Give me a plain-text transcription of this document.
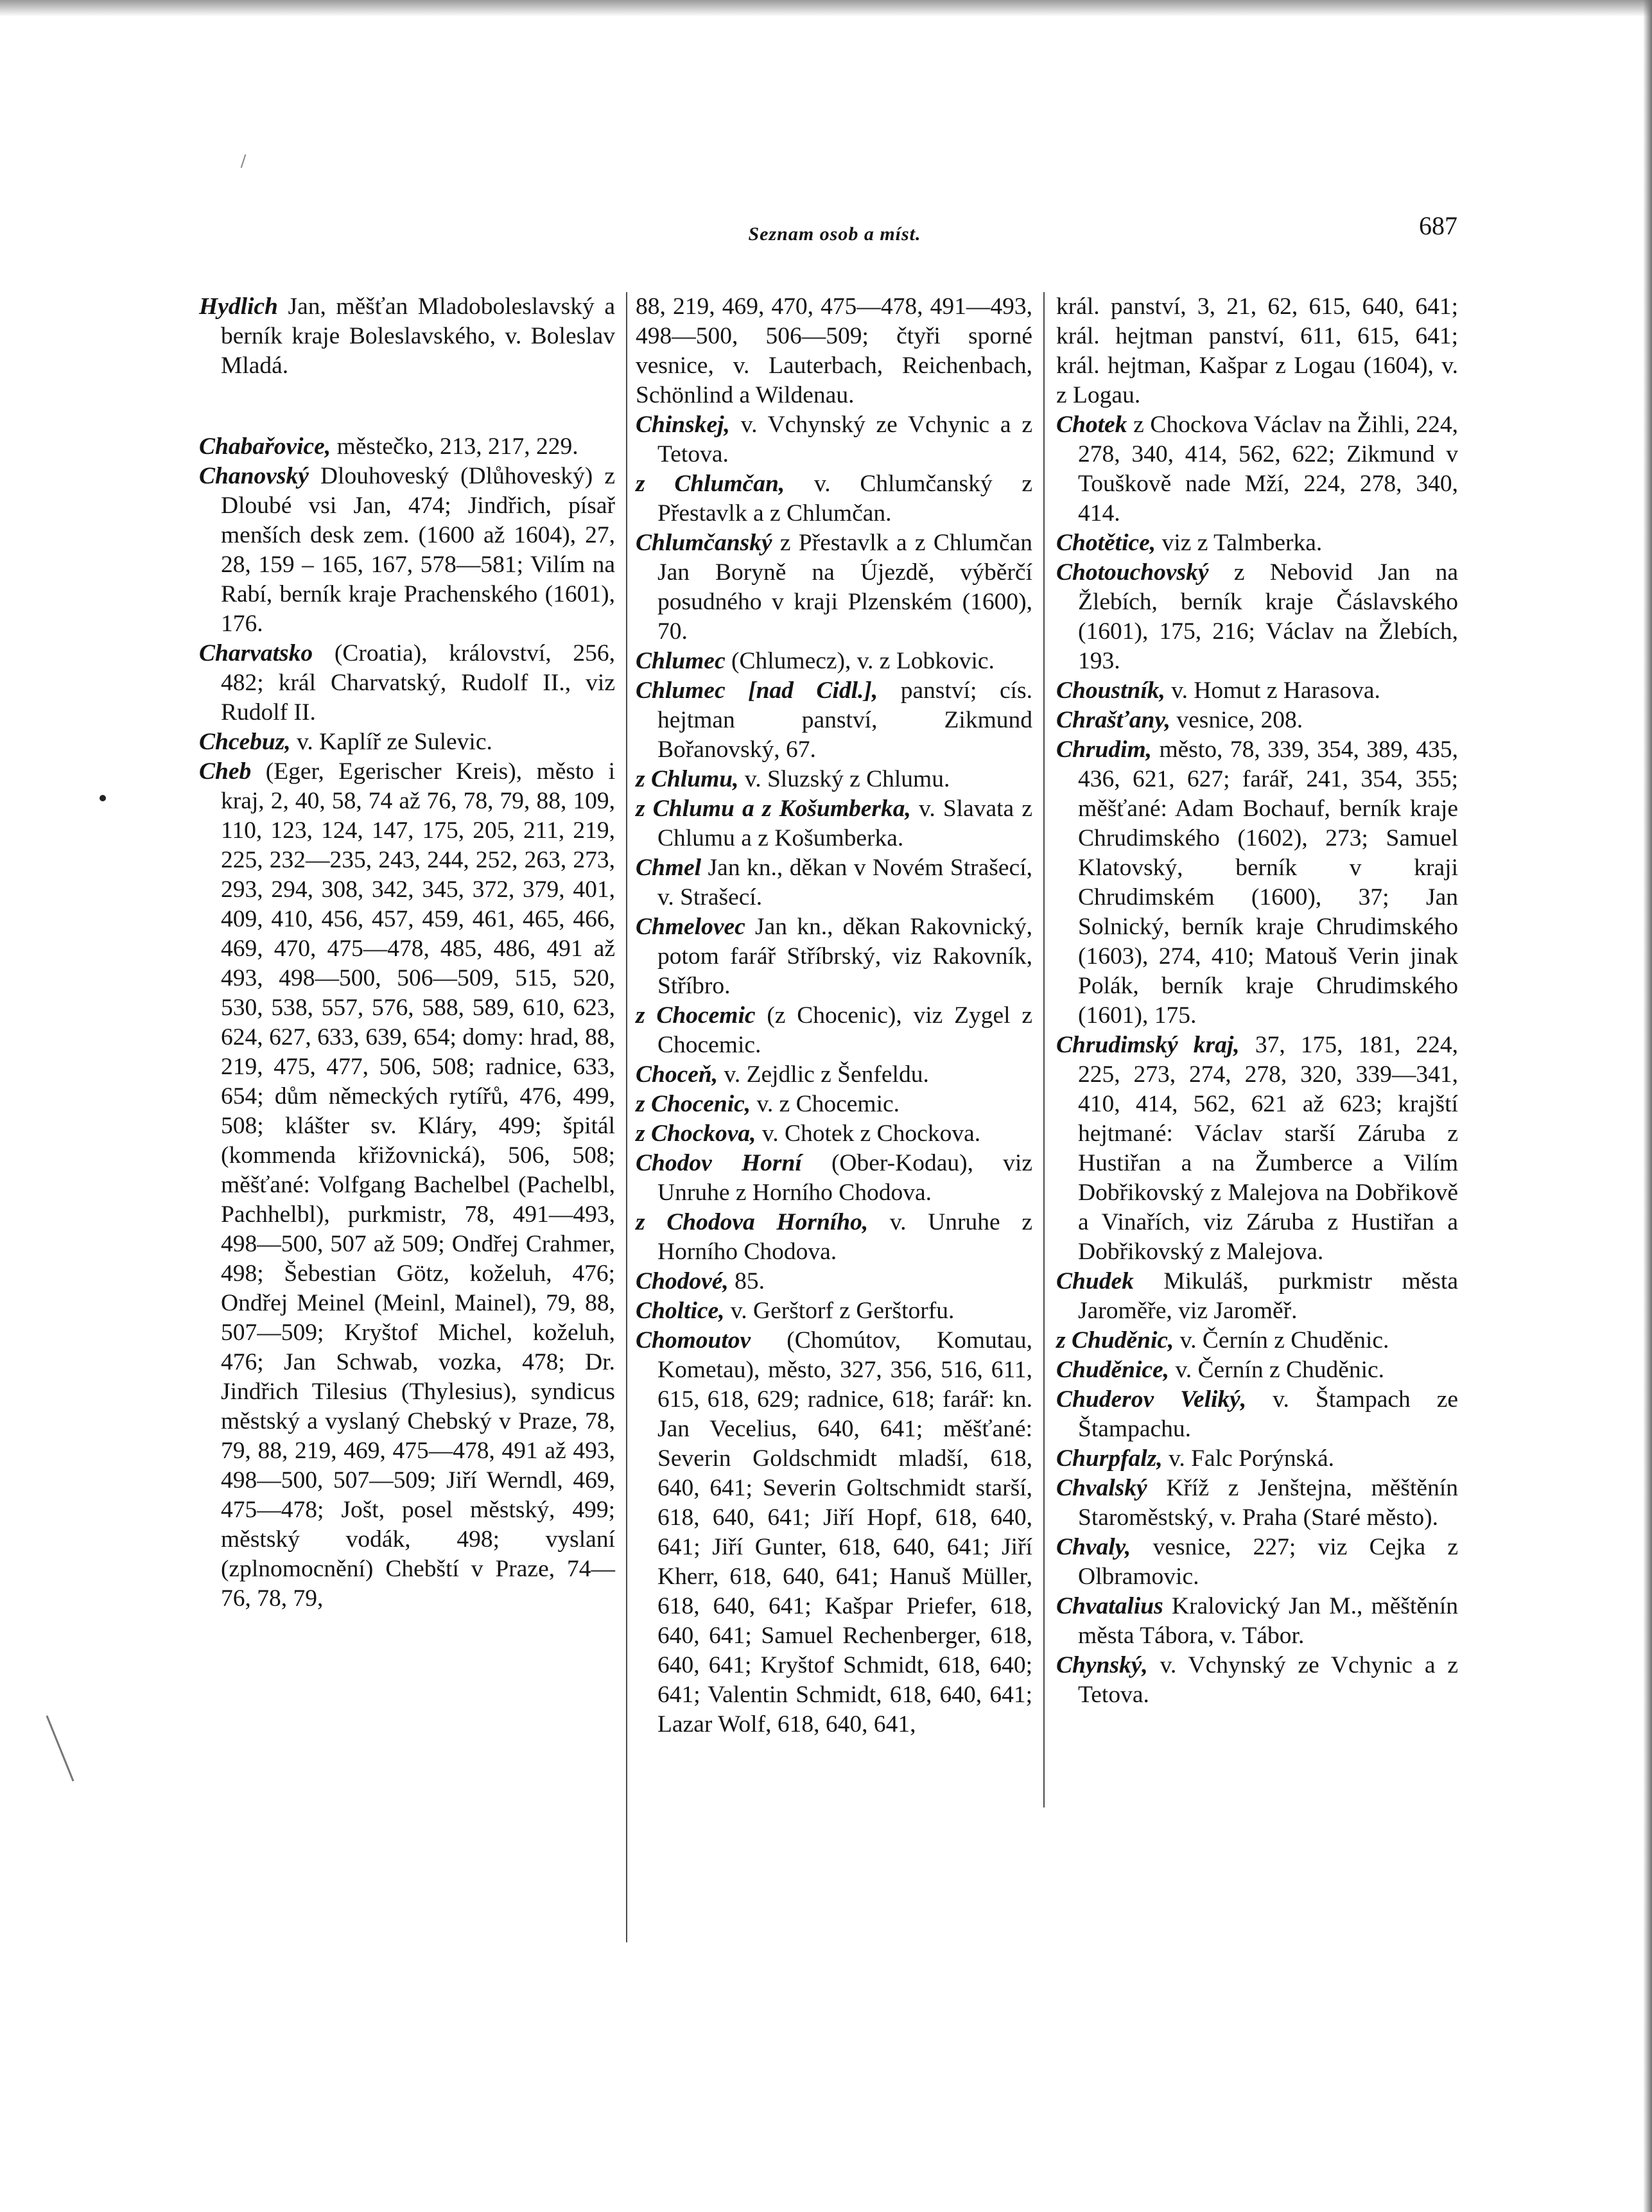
Seznam osob a míst.	687
Hydlich Jan, měšťan Mladoboleslavský a berník kraje Boleslavského, v. Boleslav Mladá.
Chabařovice, městečko, 213, 217, 229.
Chanovský Dlouhoveský (Dlůhoveský) z Dloubé vsi Jan, 474; Jindřich, písař menších desk zem. (1600 až 1604), 27, 28, 159 – 165, 167, 578—581; Vilím na Rabí, berník kraje Prachenského (1601), 176.
Charvatsko (Croatia), království, 256, 482; král Charvatský, Rudolf II., viz Rudolf II.
Chcebuz, v. Kaplíř ze Sulevic.
Cheb (Eger, Egerischer Kreis), město i kraj, 2, 40, 58, 74 až 76, 78, 79, 88, 109, 110, 123, 124, 147, 175, 205, 211, 219, 225, 232—235, 243, 244, 252, 263, 273, 293, 294, 308, 342, 345, 372, 379, 401, 409, 410, 456, 457, 459, 461, 465, 466, 469, 470, 475—478, 485, 486, 491 až 493, 498—500, 506—509, 515, 520, 530, 538, 557, 576, 588, 589, 610, 623, 624, 627, 633, 639, 654; domy: hrad, 88, 219, 475, 477, 506, 508; radnice, 633, 654; dům německých rytířů, 476, 499, 508; klášter sv. Kláry, 499; špitál (kommenda křižovnická), 506, 508; měšťané: Volfgang Bachelbel (Pachelbl, Pachhelbl), purkmistr, 78, 491—493, 498—500, 507 až 509; Ondřej Crahmer, 498; Šebestian Götz, koželuh, 476; Ondřej Meinel (Meinl, Mainel), 79, 88, 507—509; Kryštof Michel, koželuh, 476; Jan Schwab, vozka, 478; Dr. Jindřich Tilesius (Thylesius), syndicus městský a vyslaný Chebský v Praze, 78, 79, 88, 219, 469, 475—478, 491 až 493, 498—500, 507—509; Jiří Werndl, 469, 475—478; Jošt, posel městský, 499; městský vodák, 498; vyslaní (zplnomocnění) Chebští v Praze, 74—76, 78, 79,
88, 219, 469, 470, 475—478, 491—493, 498—500, 506—509; čtyři sporné vesnice, v. Lauterbach, Reichenbach, Schönlind a Wildenau.
Chinskej, v. Vchynský ze Vchynic a z Tetova.
z Chlumčan, v. Chlumčanský z Přestavlk a z Chlumčan.
Chlumčanský z Přestavlk a z Chlumčan Jan Boryně na Újezdě, výběrčí posudného v kraji Plzenském (1600), 70.
Chlumec (Chlumecz), v. z Lobkovic.
Chlumec [nad Cidl.], panství; cís. hejtman panství, Zikmund Bořanovský, 67.
z Chlumu, v. Sluzský z Chlumu.
z Chlumu a z Košumberka, v. Slavata z Chlumu a z Košumberka.
Chmel Jan kn., děkan v Novém Strašecí, v. Strašecí.
Chmelovec Jan kn., děkan Rakovnický, potom farář Stříbrský, viz Rakovník, Stříbro.
z Chocemic (z Chocenic), viz Zygel z Chocemic.
Choceň, v. Zejdlic z Šenfeldu.
z Chocenic, v. z Chocemic.
z Chockova, v. Chotek z Chockova.
Chodov Horní (Ober-Kodau), viz Unruhe z Horního Chodova.
z Chodova Horního, v. Unruhe z Horního Chodova.
Chodové, 85.
Choltice, v. Gerštorf z Gerštorfu.
Chomoutov (Chomútov, Komutau, Kometau), město, 327, 356, 516, 611, 615, 618, 629; radnice, 618; farář: kn. Jan Vecelius, 640, 641; měšťané: Severin Goldschmidt mladší, 618, 640, 641; Severin Goltschmidt starší, 618, 640, 641; Jiří Hopf, 618, 640, 641; Jiří Gunter, 618, 640, 641; Jiří Kherr, 618, 640, 641; Hanuš Müller, 618, 640, 641; Kašpar Priefer, 618, 640, 641; Samuel Rechenberger, 618, 640, 641; Kryštof Schmidt, 618, 640; 641; Valentin Schmidt, 618, 640, 641; Lazar Wolf, 618, 640, 641,
král. panství, 3, 21, 62, 615, 640, 641; král. hejtman panství, 611, 615, 641; král. hejtman, Kašpar z Logau (1604), v. z Logau.
Chotek z Chockova Václav na Žihli, 224, 278, 340, 414, 562, 622; Zikmund v Touškově nade Mží, 224, 278, 340, 414.
Chotětice, viz z Talmberka.
Chotouchovský z Nebovid Jan na Žlebích, berník kraje Čáslavského (1601), 175, 216; Václav na Žlebích, 193.
Choustník, v. Homut z Harasova.
Chrašťany, vesnice, 208.
Chrudim, město, 78, 339, 354, 389, 435, 436, 621, 627; farář, 241, 354, 355; měšťané: Adam Bochauf, berník kraje Chrudimského (1602), 273; Samuel Klatovský, berník v kraji Chrudimském (1600), 37; Jan Solnický, berník kraje Chrudimského (1603), 274, 410; Matouš Verin jinak Polák, berník kraje Chrudimského (1601), 175.
Chrudimský kraj, 37, 175, 181, 224, 225, 273, 274, 278, 320, 339—341, 410, 414, 562, 621 až 623; krajští hejtmané: Václav starší Záruba z Hustiřan a na Žumberce a Vilím Dobřikovský z Malejova na Dobřikově a Vinařích, viz Záruba z Hustiřan a Dobřikovský z Malejova.
Chudek Mikuláš, purkmistr města Jaroměře, viz Jaroměř.
z Chuděnic, v. Černín z Chuděnic.
Chuděnice, v. Černín z Chuděnic.
Chuderov Veliký, v. Štampach ze Štampachu.
Churpfalz, v. Falc Porýnská.
Chvalský Kříž z Jenštejna, měštěnín Staroměstský, v. Praha (Staré město).
Chvaly, vesnice, 227; viz Cejka z Olbramovic.
Chvatalius Kralovický Jan M., měštěnín města Tábora, v. Tábor.
Chynský, v. Vchynský ze Vchynic a z Tetova.
